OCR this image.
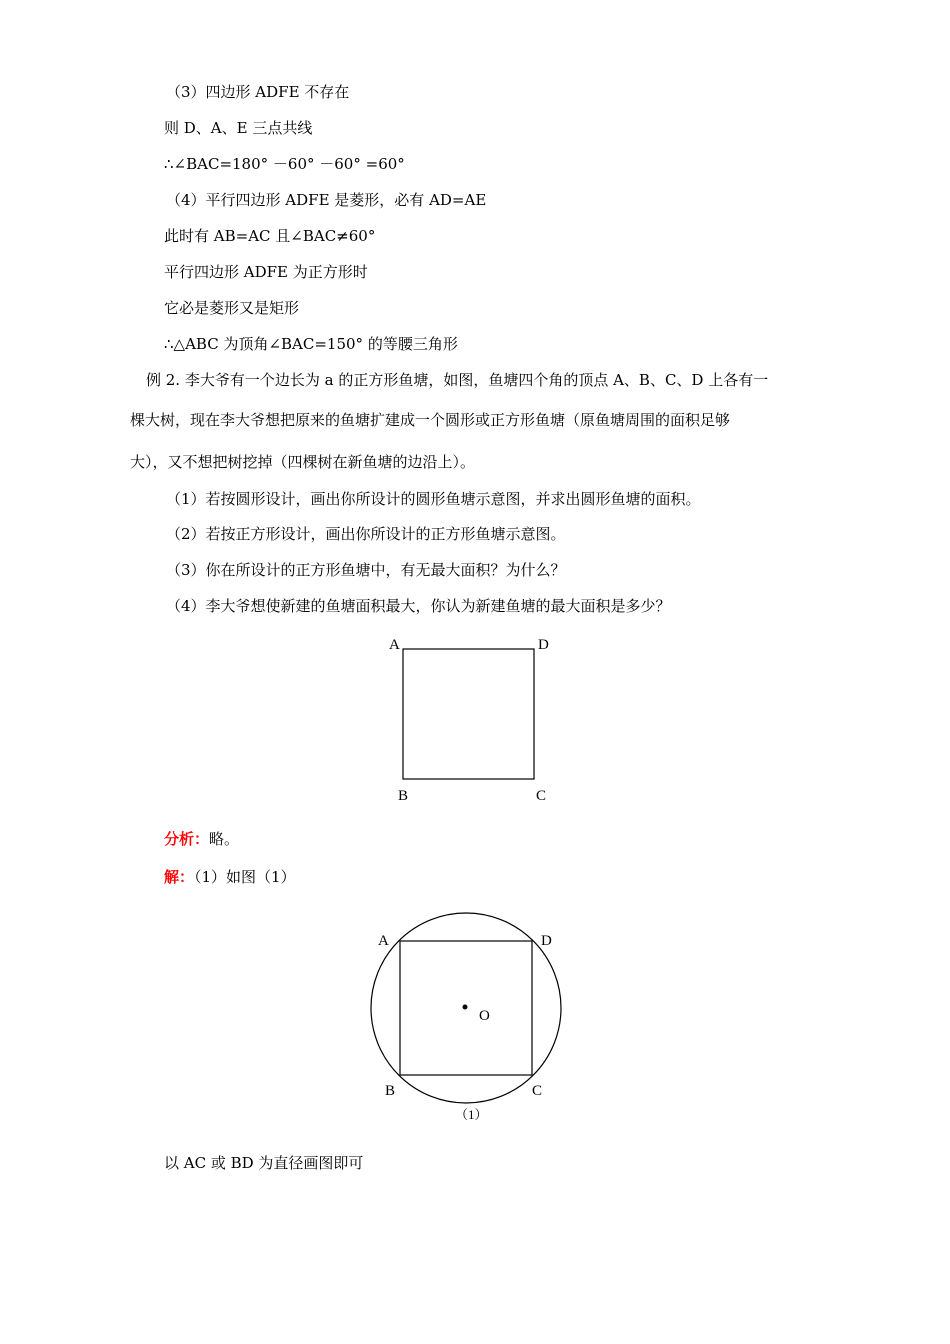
（3）四边形 ADFE 不存在
则 D、A、E 三点共线
∴∠BAC=180° －60° －60° =60°
（4）平行四边形 ADFE 是菱形，必有 AD=AE
此时有 AB=AC 且∠BAC≠60°
平行四边形 ADFE 为正方形时
它必是菱形又是矩形
∴△ABC 为顶角∠BAC=150° 的等腰三角形
例 2. 李大爷有一个边长为 a 的正方形鱼塘，如图，鱼塘四个角的顶点 A、B、C、D 上各有一
棵大树，现在李大爷想把原来的鱼塘扩建成一个圆形或正方形鱼塘（原鱼塘周围的面积足够
大），又不想把树挖掉（四棵树在新鱼塘的边沿上）。
（1）若按圆形设计，画出你所设计的圆形鱼塘示意图，并求出圆形鱼塘的面积。
（2）若按正方形设计，画出你所设计的正方形鱼塘示意图。
（3）你在所设计的正方形鱼塘中，有无最大面积？为什么？
（4）李大爷想使新建的鱼塘面积最大，你认为新建鱼塘的最大面积是多少？
A	D
B	C
分析：略。
解：（1）如图（1）
O
A	D
B	C
（1）
以 AC 或 BD 为直径画图即可
